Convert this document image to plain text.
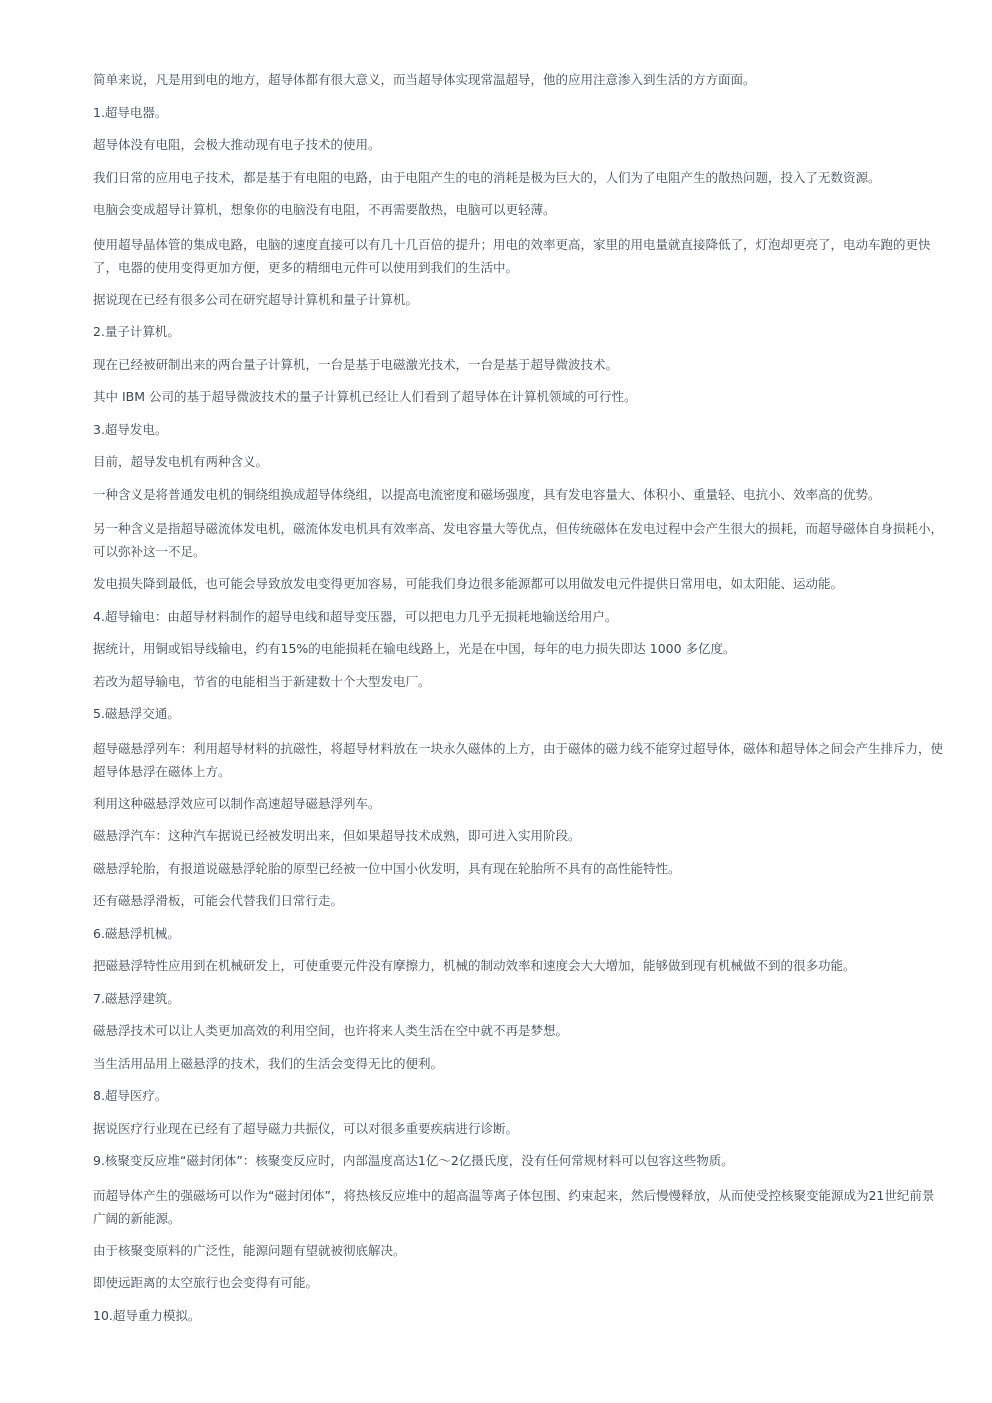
简单来说，凡是用到电的地方，超导体都有很大意义，而当超导体实现常温超导，他的应用注意渗入到生活的方方面面。

1.超导电器。

超导体没有电阻，会极大推动现有电子技术的使用。

我们日常的应用电子技术，都是基于有电阻的电路，由于电阻产生的电的消耗是极为巨大的，人们为了电阻产生的散热问题，投入了无数资源。

电脑会变成超导计算机，想象你的电脑没有电阻，不再需要散热，电脑可以更轻薄。

使用超导晶体管的集成电路，电脑的速度直接可以有几十几百倍的提升；用电的效率更高，家里的用电量就直接降低了，灯泡却更亮了，电动车跑的更快了，电器的使用变得更加方便，更多的精细电元件可以使用到我们的生活中。

据说现在已经有很多公司在研究超导计算机和量子计算机。

2.量子计算机。

现在已经被研制出来的两台量子计算机，一台是基于电磁激光技术，一台是基于超导微波技术。

其中 IBM 公司的基于超导微波技术的量子计算机已经让人们看到了超导体在计算机领域的可行性。

3.超导发电。

目前，超导发电机有两种含义。

一种含义是将普通发电机的铜绕组换成超导体绕组，以提高电流密度和磁场强度，具有发电容量大、体积小、重量轻、电抗小、效率高的优势。

另一种含义是指超导磁流体发电机，磁流体发电机具有效率高、发电容量大等优点，但传统磁体在发电过程中会产生很大的损耗，而超导磁体自身损耗小，可以弥补这一不足。

发电损失降到最低，也可能会导致放发电变得更加容易，可能我们身边很多能源都可以用做发电元件提供日常用电，如太阳能、运动能。

4.超导输电：由超导材料制作的超导电线和超导变压器，可以把电力几乎无损耗地输送给用户。

据统计，用铜或铝导线输电，约有15%的电能损耗在输电线路上，光是在中国，每年的电力损失即达 1000 多亿度。

若改为超导输电，节省的电能相当于新建数十个大型发电厂。

5.磁悬浮交通。

超导磁悬浮列车：利用超导材料的抗磁性，将超导材料放在一块永久磁体的上方，由于磁体的磁力线不能穿过超导体，磁体和超导体之间会产生排斥力，使超导体悬浮在磁体上方。

利用这种磁悬浮效应可以制作高速超导磁悬浮列车。

磁悬浮汽车：这种汽车据说已经被发明出来，但如果超导技术成熟，即可进入实用阶段。

磁悬浮轮胎，有报道说磁悬浮轮胎的原型已经被一位中国小伙发明，具有现在轮胎所不具有的高性能特性。

还有磁悬浮滑板，可能会代替我们日常行走。

6.磁悬浮机械。

把磁悬浮特性应用到在机械研发上，可使重要元件没有摩擦力，机械的制动效率和速度会大大增加，能够做到现有机械做不到的很多功能。

7.磁悬浮建筑。

磁悬浮技术可以让人类更加高效的利用空间，也许将来人类生活在空中就不再是梦想。

当生活用品用上磁悬浮的技术，我们的生活会变得无比的便利。

8.超导医疗。

据说医疗行业现在已经有了超导磁力共振仪，可以对很多重要疾病进行诊断。

9.核聚变反应堆“磁封闭体”：核聚变反应时，内部温度高达1亿～2亿摄氏度，没有任何常规材料可以包容这些物质。

而超导体产生的强磁场可以作为“磁封闭体”，将热核反应堆中的超高温等离子体包围、约束起来，然后慢慢释放，从而使受控核聚变能源成为21世纪前景广阔的新能源。

由于核聚变原料的广泛性，能源问题有望就被彻底解决。

即使远距离的太空旅行也会变得有可能。

10.超导重力模拟。
